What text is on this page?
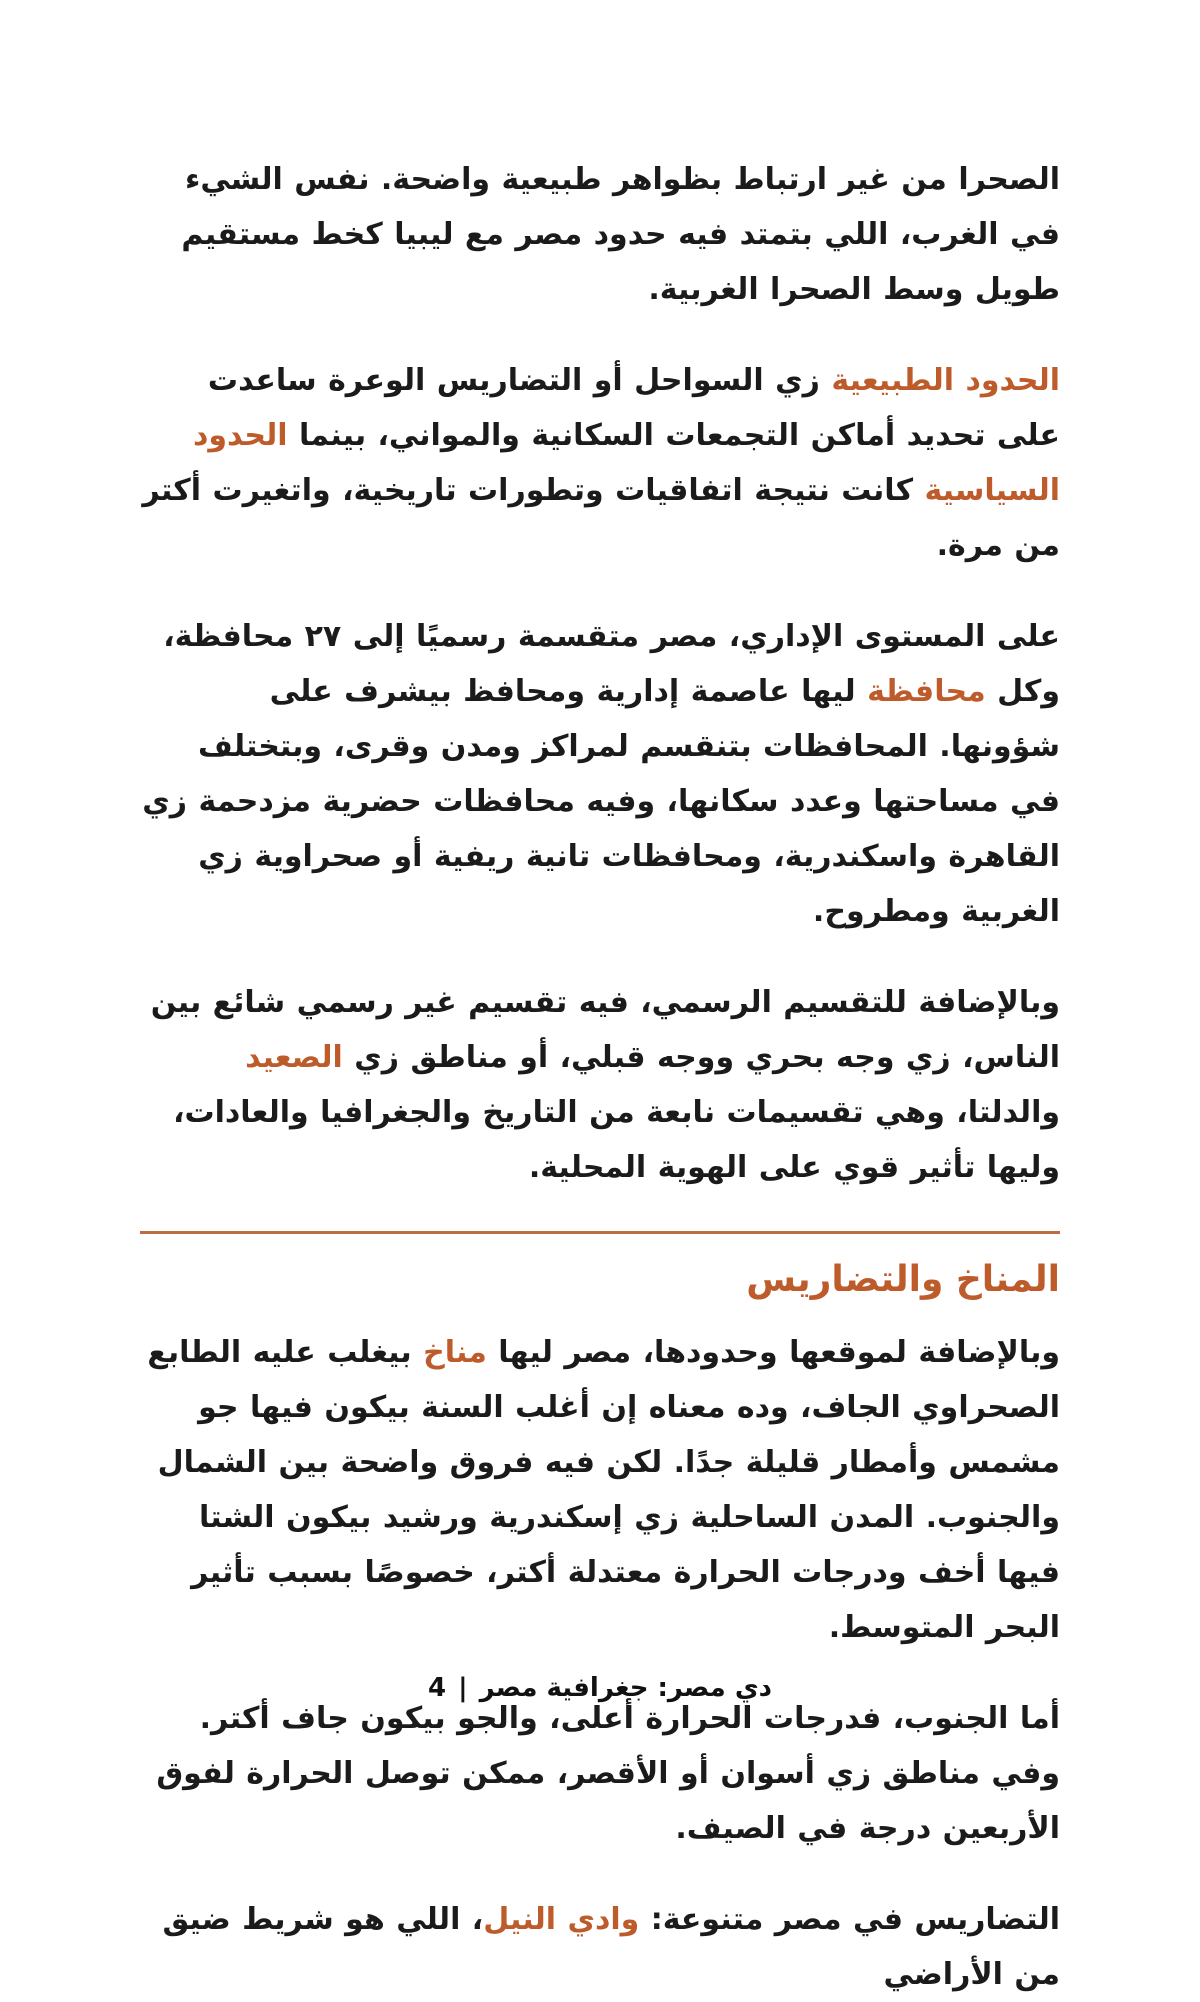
الصحرا من غير ارتباط بظواهر طبيعية واضحة. نفس الشيء في الغرب، اللي بتمتد فيه حدود مصر مع ليبيا كخط مستقيم طويل وسط الصحرا الغربية.

الحدود الطبيعية زي السواحل أو التضاريس الوعرة ساعدت على تحديد أماكن التجمعات السكانية والمواني، بينما الحدود السياسية كانت نتيجة اتفاقيات وتطورات تاريخية، واتغيرت أكتر من مرة.

على المستوى الإداري، مصر متقسمة رسميًا إلى ٢٧ محافظة، وكل محافظة ليها عاصمة إدارية ومحافظ بيشرف على شؤونها. المحافظات بتنقسم لمراكز ومدن وقرى، وبتختلف في مساحتها وعدد سكانها، وفيه محافظات حضرية مزدحمة زي القاهرة واسكندرية، ومحافظات تانية ريفية أو صحراوية زي الغربية ومطروح.

وبالإضافة للتقسيم الرسمي، فيه تقسيم غير رسمي شائع بين الناس، زي وجه بحري ووجه قبلي، أو مناطق زي الصعيد والدلتا، وهي تقسيمات نابعة من التاريخ والجغرافيا والعادات، وليها تأثير قوي على الهوية المحلية.

المناخ والتضاريس

وبالإضافة لموقعها وحدودها، مصر ليها مناخ بيغلب عليه الطابع الصحراوي الجاف، وده معناه إن أغلب السنة بيكون فيها جو مشمس وأمطار قليلة جدًا. لكن فيه فروق واضحة بين الشمال والجنوب. المدن الساحلية زي إسكندرية ورشيد بيكون الشتا فيها أخف ودرجات الحرارة معتدلة أكتر، خصوصًا بسبب تأثير البحر المتوسط.

أما الجنوب، فدرجات الحرارة أعلى، والجو بيكون جاف أكتر. وفي مناطق زي أسوان أو الأقصر، ممكن توصل الحرارة لفوق الأربعين درجة في الصيف.

التضاريس في مصر متنوعة: وادي النيل، اللي هو شريط ضيق من الأراضي

4 | دي مصر: جغرافية مصر
